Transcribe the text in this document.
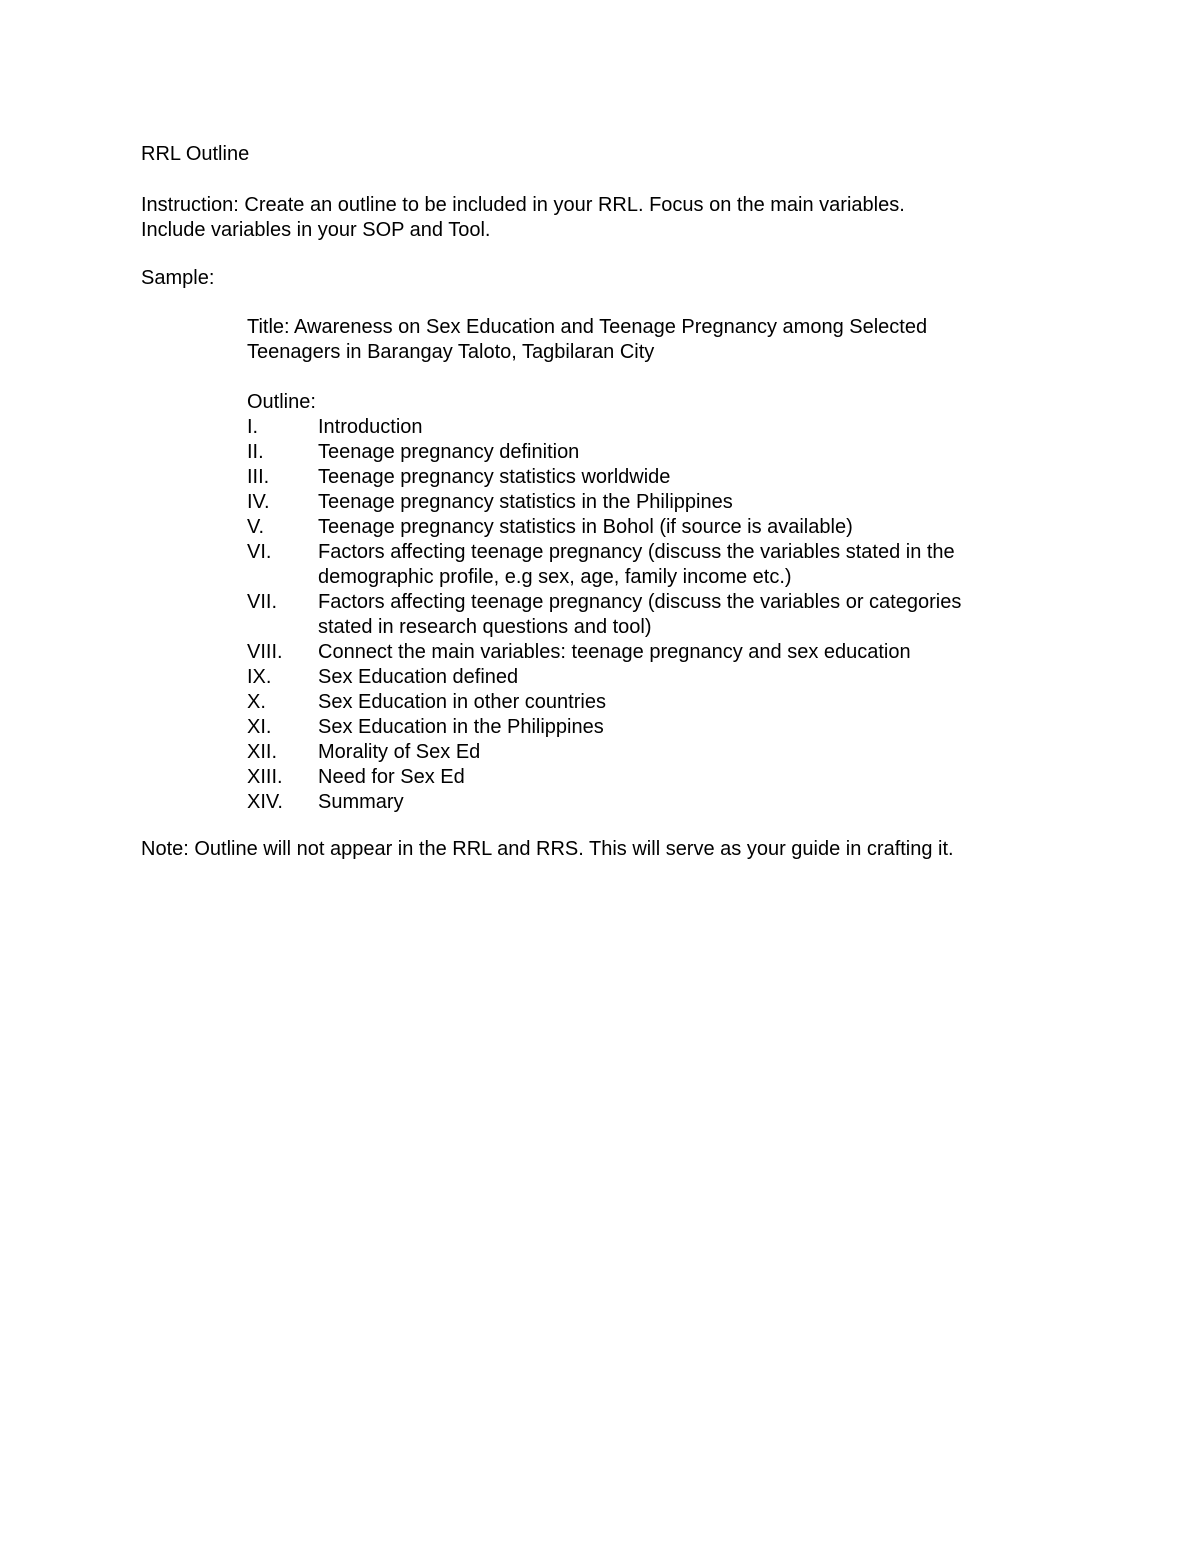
RRL Outline

Instruction: Create an outline to be included in your RRL. Focus on the main variables.
Include variables in your SOP and Tool.

Sample:

Title: Awareness on Sex Education and Teenage Pregnancy among Selected
Teenagers in Barangay Taloto, Tagbilaran City

Outline:

I.	Introduction
II.	Teenage pregnancy definition
III. Teenage pregnancy statistics worldwide
IV. Teenage pregnancy statistics in the Philippines
V.	Teenage pregnancy statistics in Bohol (if source is available)
VI. Factors affecting teenage pregnancy (discuss the variables stated in the
demographic profile, e.g sex, age, family income etc.)
VII. Factors affecting teenage pregnancy (discuss the variables or categories
stated in research questions and tool)
VIII. Connect the main variables: teenage pregnancy and sex education
IX. Sex Education defined
X.	Sex Education in other countries
XI. Sex Education in the Philippines
XII. Morality of Sex Ed
XIII. Need for Sex Ed
XIV. Summary

Note: Outline will not appear in the RRL and RRS. This will serve as your guide in crafting it.
